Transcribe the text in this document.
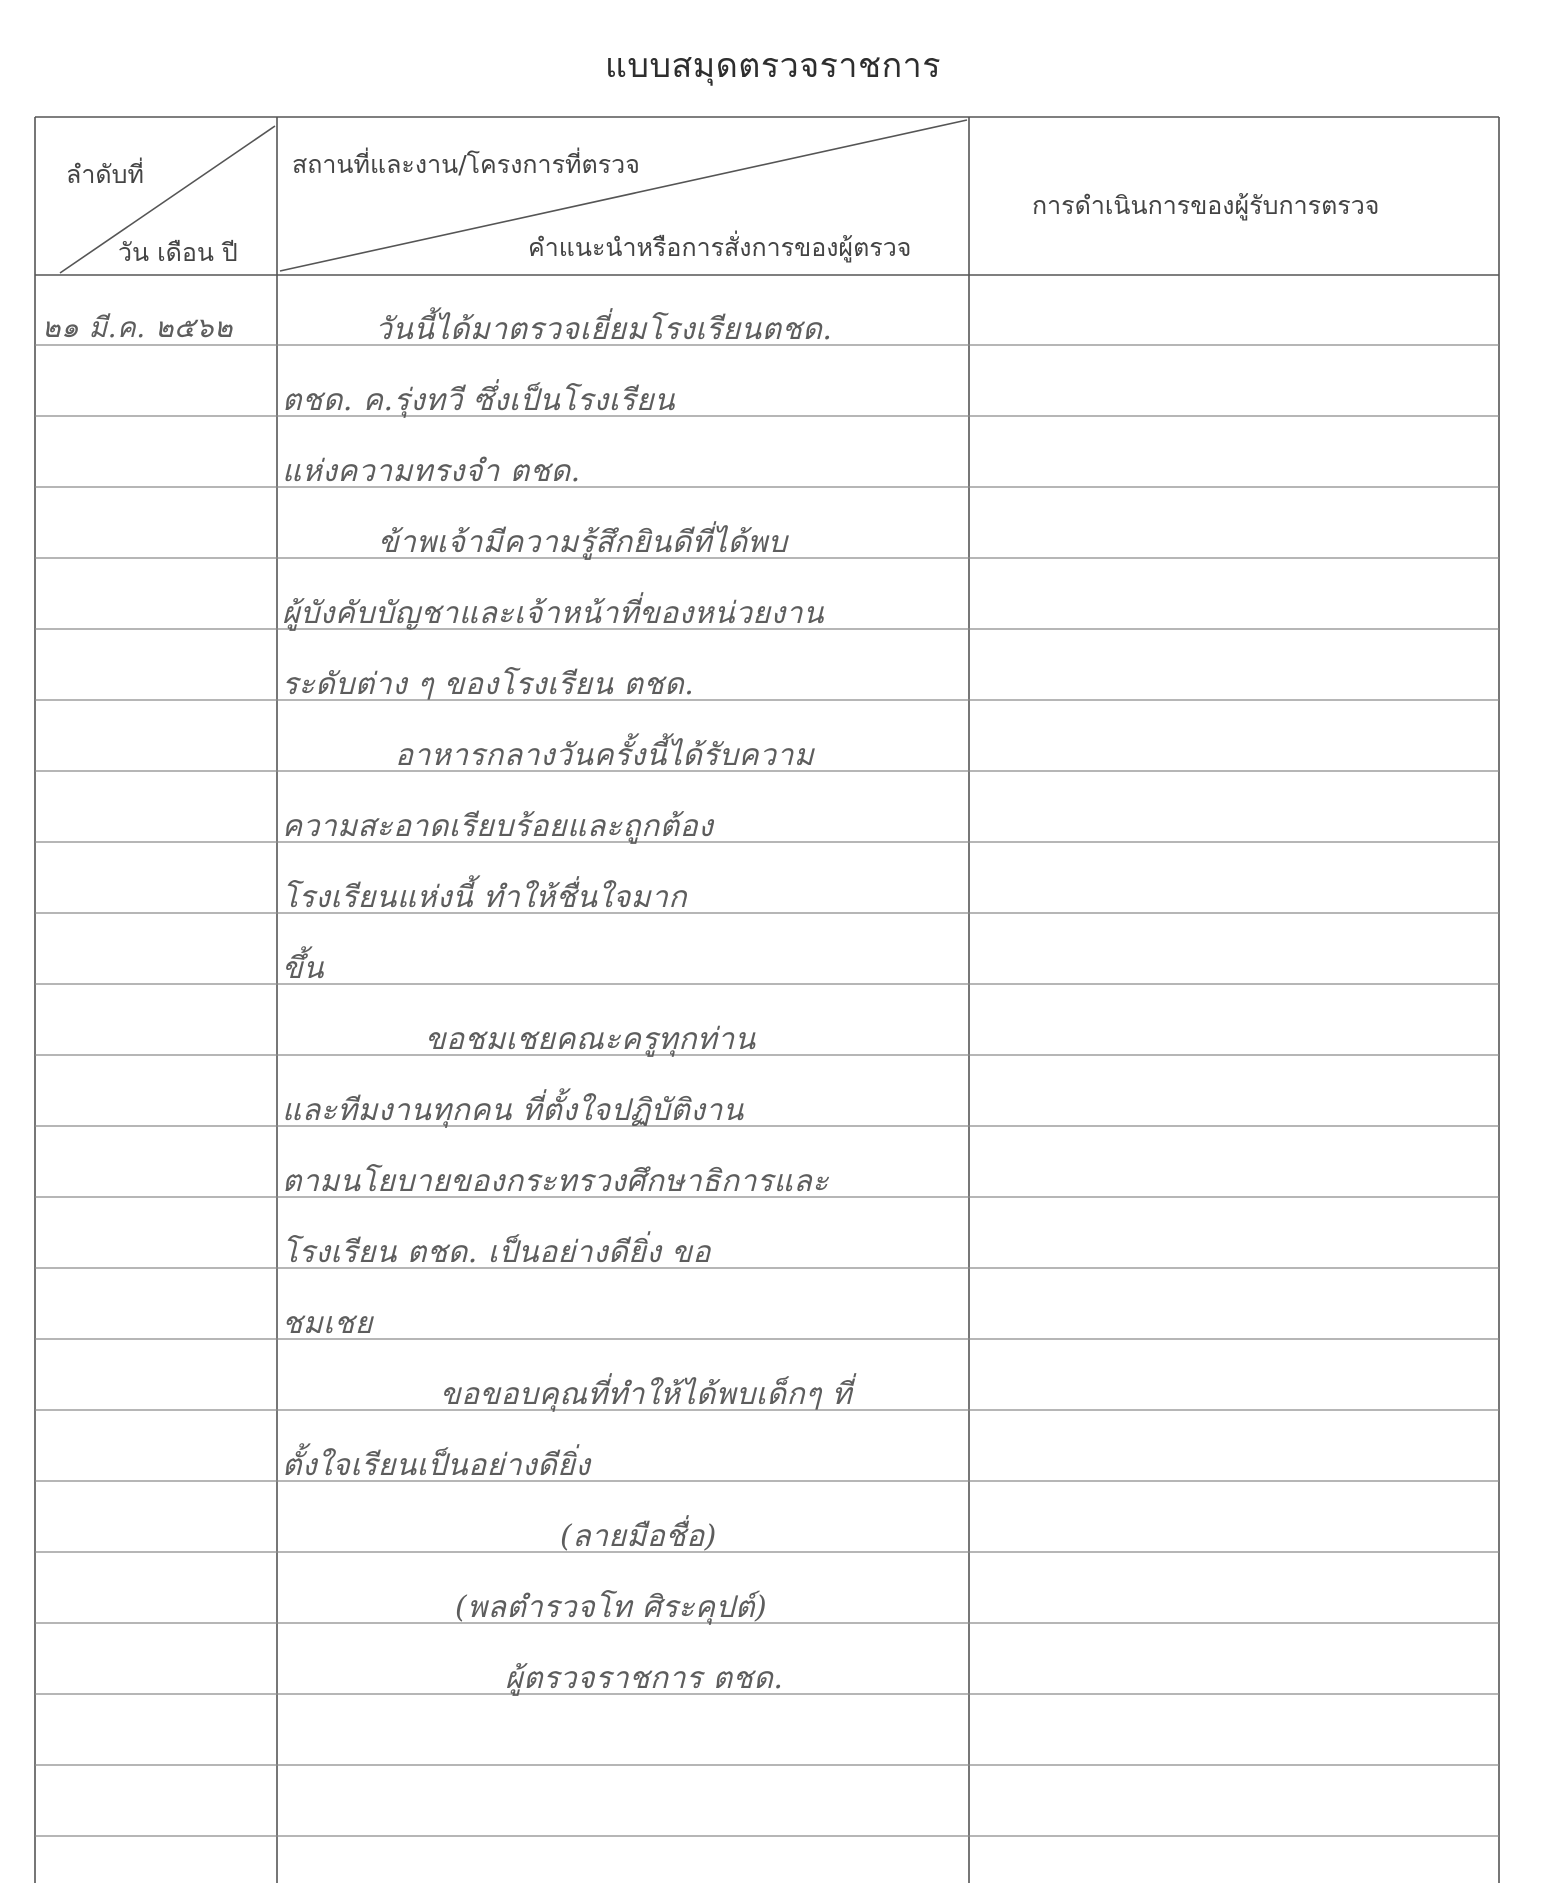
แบบสมุดตรวจราชการ
ลำดับที่
วัน เดือน ปี
สถานที่และงาน/โครงการที่ตรวจ
คำแนะนำหรือการสั่งการของผู้ตรวจ
การดำเนินการของผู้รับการตรวจ
๒๑ มี.ค. ๒๕๖๒	วันนี้ได้มาตรวจเยี่ยมโรงเรียนตชด.
ตชด. ค.รุ่งทวี ซึ่งเป็นโรงเรียน
แห่งความทรงจำ ตชด.
ข้าพเจ้ามีความรู้สึกยินดีที่ได้พบ
ผู้บังคับบัญชาและเจ้าหน้าที่ของหน่วยงาน
ระดับต่าง ๆ ของโรงเรียน ตชด.
อาหารกลางวันครั้งนี้ได้รับความ
ความสะอาดเรียบร้อยและถูกต้อง
โรงเรียนแห่งนี้ ทำให้ชื่นใจมาก
ขึ้น
ขอชมเชยคณะครูทุกท่าน
และทีมงานทุกคน ที่ตั้งใจปฏิบัติงาน
ตามนโยบายของกระทรวงศึกษาธิการและ
โรงเรียน ตชด. เป็นอย่างดียิ่ง ขอ
ชมเชย
ขอขอบคุณที่ทำให้ได้พบเด็กๆ ที่
ตั้งใจเรียนเป็นอย่างดียิ่ง
(ลายมือชื่อ)
(พลตำรวจโท ศิระคุปต์)
ผู้ตรวจราชการ ตชด.
